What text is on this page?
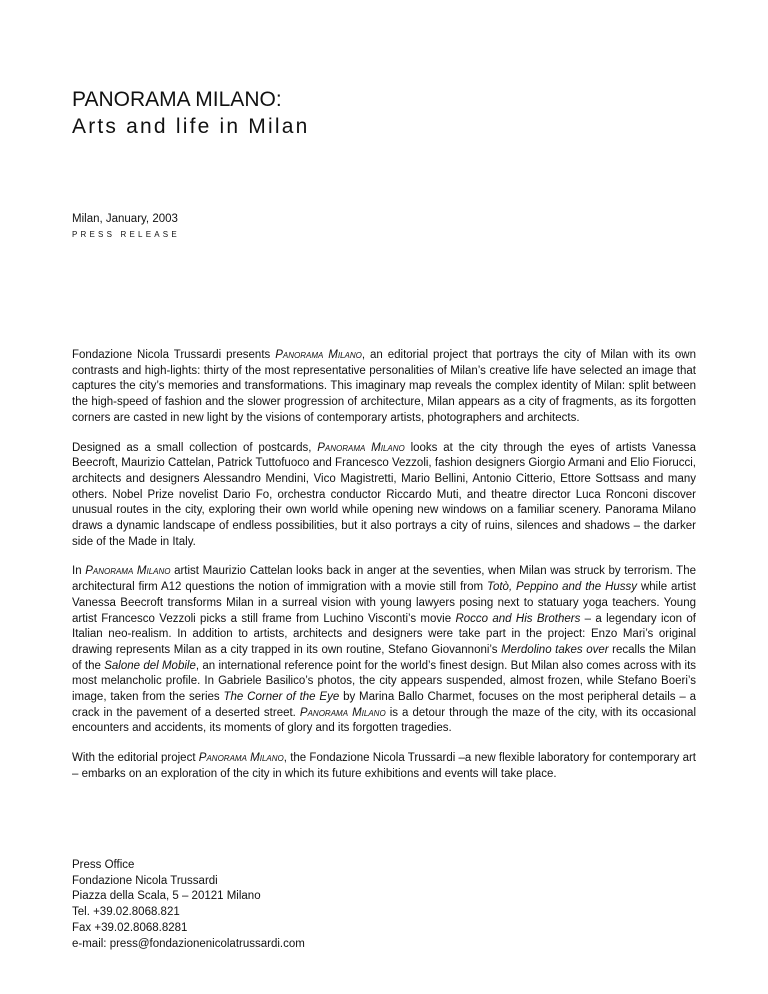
PANORAMA MILANO:
Arts and life in Milan
Milan, January, 2003
PRESS RELEASE

Fondazione Nicola Trussardi presents Panorama Milano, an editorial project that portrays the city of Milan with its own contrasts and high-lights: thirty of the most representative personalities of Milan’s creative life have selected an image that captures the city’s memories and transformations. This imaginary map reveals the complex identity of Milan: split between the high-speed of fashion and the slower progression of architecture, Milan appears as a city of fragments, as its forgotten corners are casted in new light by the visions of contemporary artists, photographers and architects.

Designed as a small collection of postcards, Panorama Milano looks at the city through the eyes of artists Vanessa Beecroft, Maurizio Cattelan, Patrick Tuttofuoco and Francesco Vezzoli, fashion designers Giorgio Armani and Elio Fiorucci, architects and designers Alessandro Mendini, Vico Magistretti, Mario Bellini, Antonio Citterio, Ettore Sottsass and many others. Nobel Prize novelist Dario Fo, orchestra conductor Riccardo Muti, and theatre director Luca Ronconi discover unusual routes in the city, exploring their own world while opening new windows on a familiar scenery. Panorama Milano draws a dynamic landscape of endless possibilities, but it also portrays a city of ruins, silences and shadows – the darker side of the Made in Italy.

In Panorama Milano artist Maurizio Cattelan looks back in anger at the seventies, when Milan was struck by terrorism. The architectural firm A12 questions the notion of immigration with a movie still from Totò, Peppino and the Hussy while artist Vanessa Beecroft transforms Milan in a surreal vision with young lawyers posing next to statuary yoga teachers. Young artist Francesco Vezzoli picks a still frame from Luchino Visconti’s movie Rocco and His Brothers – a legendary icon of Italian neo-realism. In addition to artists, architects and designers were take part in the project: Enzo Mari’s original drawing represents Milan as a city trapped in its own routine, Stefano Giovannoni’s Merdolino takes over recalls the Milan of the Salone del Mobile, an international reference point for the world’s finest design. But Milan also comes across with its most melancholic profile. In Gabriele Basilico’s photos, the city appears suspended, almost frozen, while Stefano Boeri’s image, taken from the series The Corner of the Eye by Marina Ballo Charmet, focuses on the most peripheral details – a crack in the pavement of a deserted street. Panorama Milano is a detour through the maze of the city, with its occasional encounters and accidents, its moments of glory and its forgotten tragedies.

With the editorial project Panorama Milano, the Fondazione Nicola Trussardi –a new flexible laboratory for contemporary art – embarks on an exploration of the city in which its future exhibitions and events will take place.

Press Office
Fondazione Nicola Trussardi
Piazza della Scala, 5 – 20121 Milano
Tel. +39.02.8068.821
Fax +39.02.8068.8281
e-mail: press@fondazionenicolatrussardi.com
